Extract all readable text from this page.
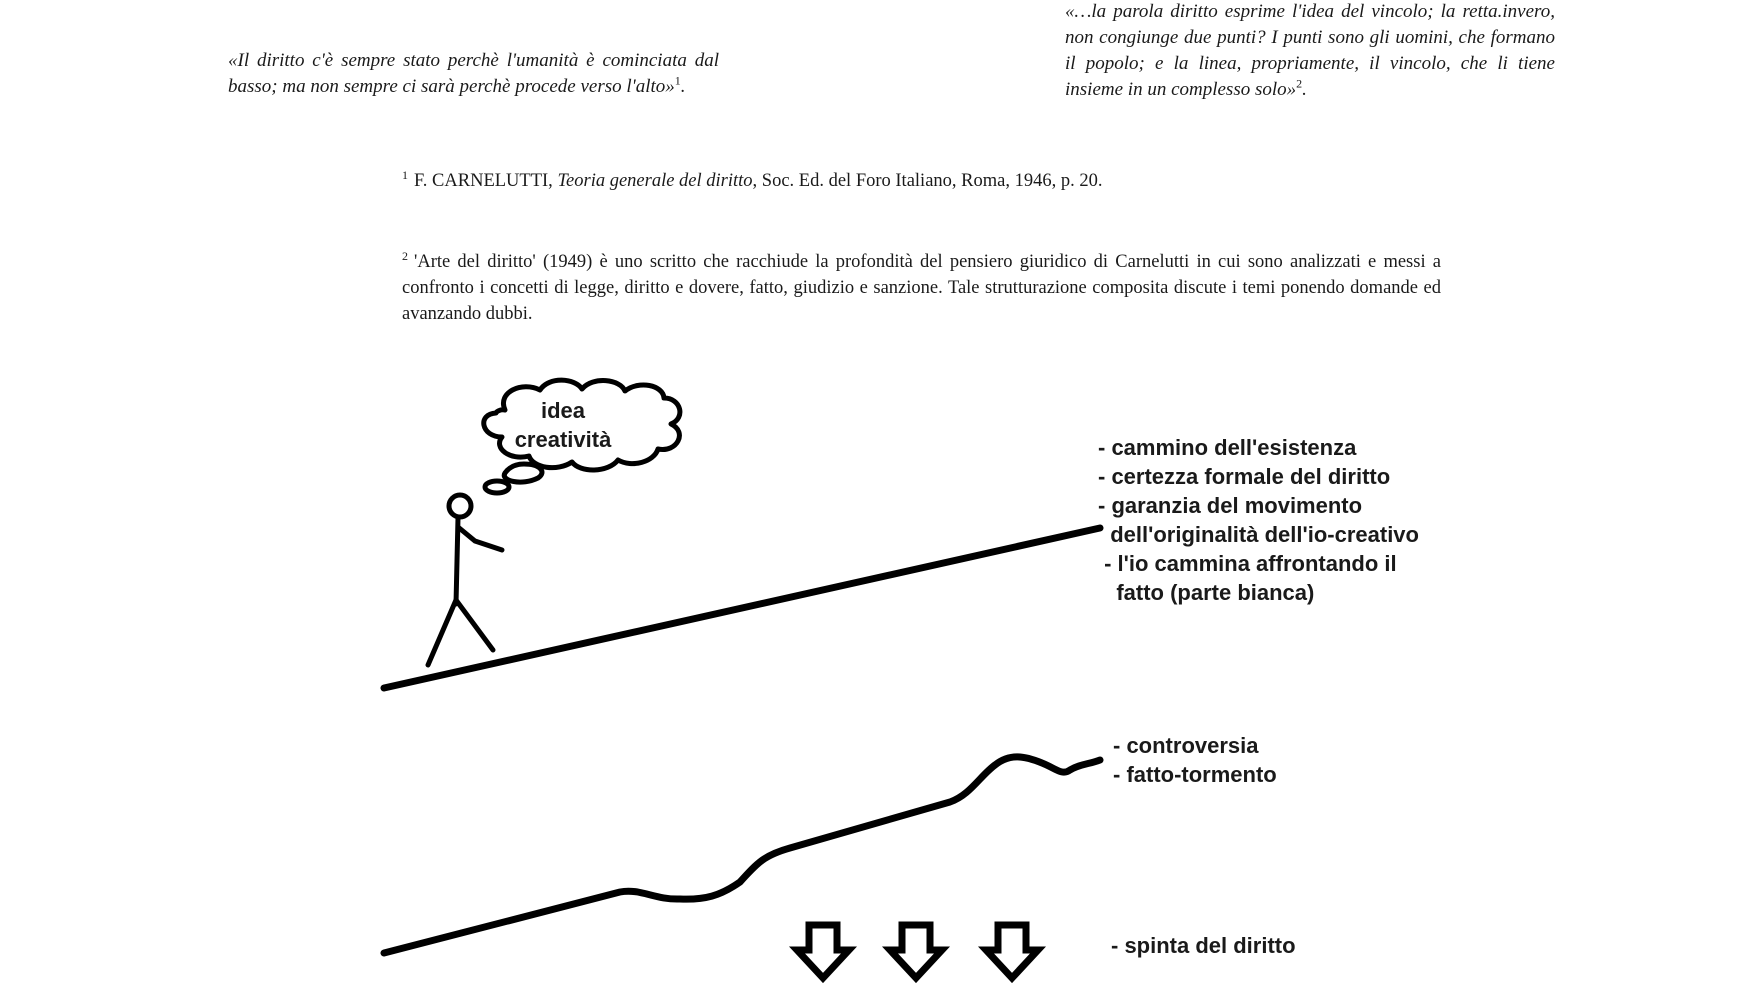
«Il diritto c'è sempre stato perchè l'umanità è cominciata dal basso; ma non sempre ci sarà perchè procede verso l'alto»$^1$.
«…la parola diritto esprime l'idea del vincolo; la retta.invero, non congiunge due punti? I punti sono gli uomini, che formano il popolo; e la linea, propriamente, il vincolo, che li tiene insieme in un complesso solo»$^2$.
$^1$ F. CARNELUTTI, Teoria generale del diritto, Soc. Ed. del Foro Italiano, Roma, 1946, p. 20.
$^2$ 'Arte del diritto' (1949) è uno scritto che racchiude la profondità del pensiero giuridico di Carnelutti in cui sono analizzati e messi a confronto i concetti di legge, diritto e dovere, fatto, giudizio e sanzione. Tale strutturazione composita discute i temi ponendo domande ed avanzando dubbi.
idea
creatività	- cammino dell'esistenza
- certezza formale del diritto
- garanzia del movimento
dell'originalità dell'io-creativo
- l'io cammina affrontando il
fatto (parte bianca)
- controversia
- fatto-tormento
- spinta del diritto
